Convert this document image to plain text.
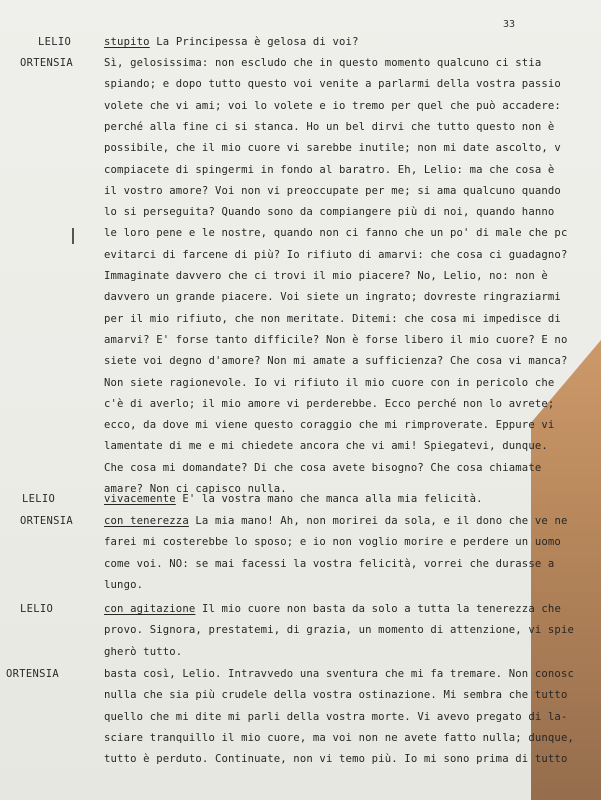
33
LELIO	stupito La Principessa è gelosa di voi?
ORTENSIA	Sì, gelosissima: non escludo che in questo momento qualcuno ci stia
spiando; e dopo tutto questo voi venite a parlarmi della vostra passio
volete che vi ami; voi lo volete e io tremo per quel che può accadere:
perché alla fine ci si stanca. Ho un bel dirvi che tutto questo non è
possibile, che il mio cuore vi sarebbe inutile; non mi date ascolto, v
compiacete di spingermi in fondo al baratro. Eh, Lelio: ma che cosa è
il vostro amore? Voi non vi preoccupate per me; si ama qualcuno quando
lo si perseguita? Quando sono da compiangere più di noi, quando hanno
le loro pene e le nostre, quando non ci fanno che un po' di male che pc
evitarci di farcene di più? Io rifiuto di amarvi: che cosa ci guadagno?
Immaginate davvero che ci trovi il mio piacere? No, Lelio, no: non è
davvero un grande piacere. Voi siete un ingrato; dovreste ringraziarmi
per il mio rifiuto, che non meritate. Ditemi: che cosa mi impedisce di
amarvi? E' forse tanto difficile? Non è forse libero il mio cuore? E no
siete voi degno d'amore? Non mi amate a sufficienza? Che cosa vi manca?
Non siete ragionevole. Io vi rifiuto il mio cuore con in pericolo che
c'è di averlo; il mio amore vi perderebbe. Ecco perché non lo avrete;
ecco, da dove mi viene questo coraggio che mi rimproverate. Eppure vi
lamentate di me e mi chiedete ancora che vi ami! Spiegatevi, dunque.
Che cosa mi domandate? Di che cosa avete bisogno? Che cosa chiamate
amare? Non ci capisco nulla.
LELIO	vivacemente E' la vostra mano che manca alla mia felicità.
ORTENSIA	con tenerezza La mia mano! Ah, non morirei da sola, e il dono che ve ne
farei mi costerebbe lo sposo; e io non voglio morire e perdere un uomo
come voi. NO: se mai facessi la vostra felicità, vorrei che durasse a
lungo.
LELIO	con agitazione Il mio cuore non basta da solo a tutta la tenerezza che
provo. Signora, prestatemi, di grazia, un momento di attenzione, vi spie
gherò tutto.
ORTENSIA	basta così, Lelio. Intravvedo una sventura che mi fa tremare. Non conosc
nulla che sia più crudele della vostra ostinazione. Mi sembra che tutto
quello che mi dite mi parli della vostra morte. Vi avevo pregato di la-
sciare tranquillo il mio cuore, ma voi non ne avete fatto nulla; dunque,
tutto è perduto. Continuate, non vi temo più. Io mi sono prima di tutto
